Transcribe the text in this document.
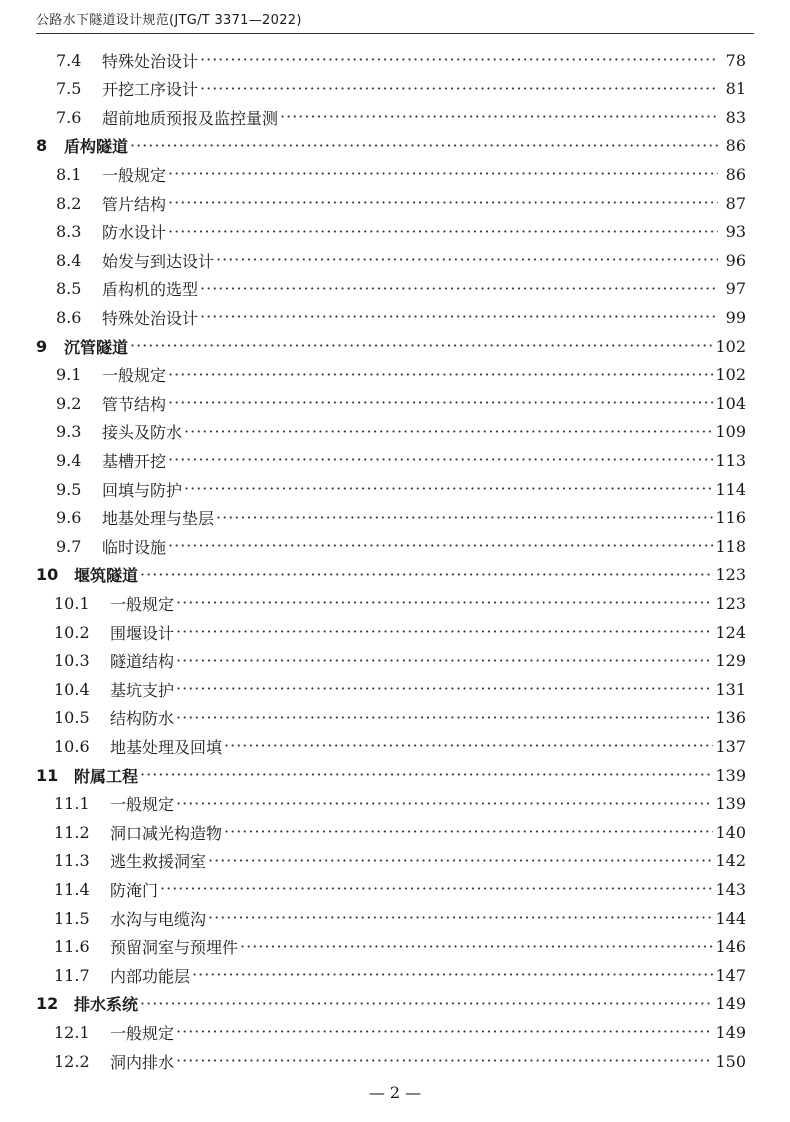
公路水下隧道设计规范(JTG/T 3371—2022)
7.4	特殊处治设计 ·····	78
7.5	开挖工序设计 ·····	81
7.6	超前地质预报及监控量测 ·····	83
8	盾构隧道 ·····	86
8.1	一般规定 ·····	86
8.2	管片结构 ·····	87
8.3	防水设计 ·····	93
8.4	始发与到达设计 ·····	96
8.5	盾构机的选型 ·····	97
8.6	特殊处治设计 ·····	99
9	沉管隧道 ·····	102
9.1	一般规定 ·····	102
9.2	管节结构 ·····	104
9.3	接头及防水 ·····	109
9.4	基槽开挖 ·····	113
9.5	回填与防护 ·····	114
9.6	地基处理与垫层 ·····	116
9.7	临时设施 ·····	118
10 堰筑隧道 ·····	123
10.1	一般规定 ·····	123
10.2	围堰设计 ·····	124
10.3	隧道结构 ·····	129
10.4	基坑支护 ·····	131
10.5	结构防水 ·····	136
10.6	地基处理及回填 ·····	137
11 附属工程 ·····	139
11.1	一般规定 ·····	139
11.2	洞口减光构造物 ·····	140
11.3	逃生救援洞室 ·····	142
11.4	防淹门 ·····	143
11.5	水沟与电缆沟 ·····	144
11.6	预留洞室与预埋件 ·····	146
11.7	内部功能层 ·····	147
12 排水系统 ·····	149
12.1	一般规定 ·····	149
12.2	洞内排水 ·····	150
— 2 —
